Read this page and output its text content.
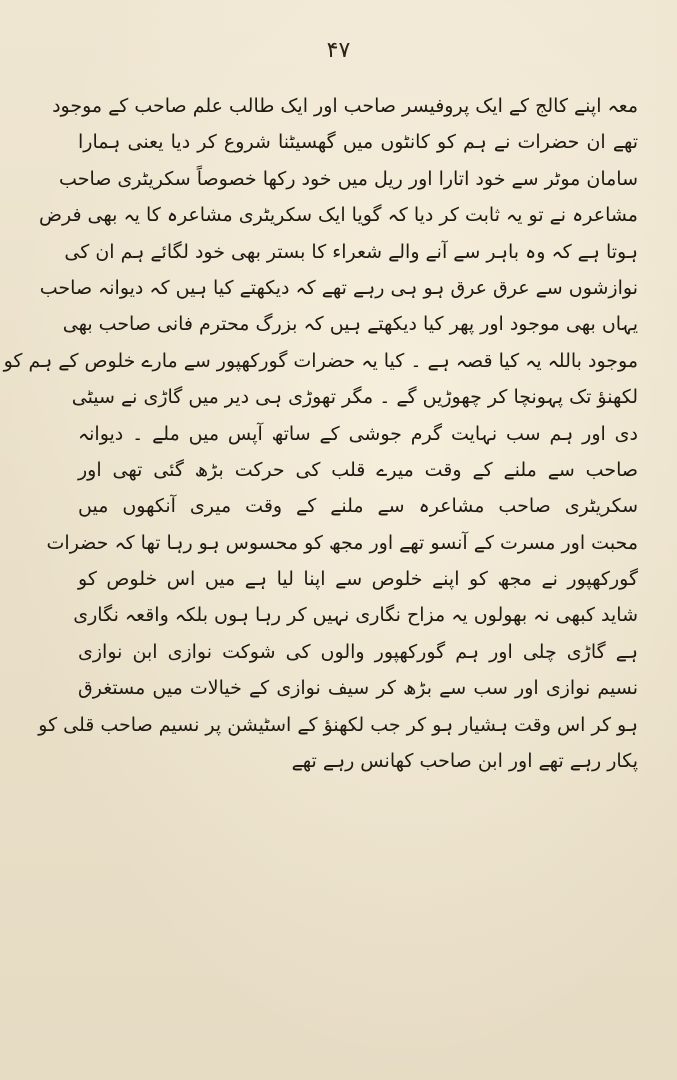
۴۷
معہ اپنے کالج کے ایک پروفیسر صاحب اور ایک طالب علم صاحب کے موجود
تھے ان حضرات نے ہم کو کانٹوں میں گھسیٹنا شروع کر دیا یعنی ہمارا
سامان موٹر سے خود اتارا اور ریل میں خود رکھا خصوصاً سکریٹری صاحب
مشاعرہ نے تو یہ ثابت کر دیا کہ گویا ایک سکریٹری مشاعرہ کا یہ بھی فرض
ہوتا ہے کہ وہ باہر سے آنے والے شعراء کا بستر بھی خود لگائے ہم ان کی
نوازشوں سے عرق عرق ہو ہی رہے تھے کہ دیکھتے کیا ہیں کہ دیوانہ صاحب
یہاں بھی موجود اور پھر کیا دیکھتے ہیں کہ بزرگ محترم فانی صاحب بھی
موجود باللہ یہ کیا قصہ ہے ۔ کیا یہ حضرات گورکھپور سے مارے خلوص کے ہم کو
لکھنؤ تک پہونچا کر چھوڑیں گے ۔ مگر تھوڑی ہی دیر میں گاڑی نے سیٹی
دی اور ہم سب نہایت گرم جوشی کے ساتھ آپس میں ملے ۔ دیوانہ
صاحب سے ملنے کے وقت میرے قلب کی حرکت بڑھ گئی تھی اور
سکریٹری صاحب مشاعرہ سے ملنے کے وقت میری آنکھوں میں
محبت اور مسرت کے آنسو تھے اور مجھ کو محسوس ہو رہا تھا کہ حضرات
گورکھپور نے مجھ کو اپنے خلوص سے اپنا لیا ہے میں اس خلوص کو
شاید کبھی نہ بھولوں یہ مزاح نگاری نہیں کر رہا ہوں بلکہ واقعہ نگاری
ہے گاڑی چلی اور ہم گورکھپور والوں کی شوکت نوازی ابن نوازی
نسیم نوازی اور سب سے بڑھ کر سیف نوازی کے خیالات میں مستغرق
ہو کر اس وقت ہشیار ہو کر جب لکھنؤ کے اسٹیشن پر نسیم صاحب قلی کو
پکار رہے تھے اور ابن صاحب کھانس رہے تھے
